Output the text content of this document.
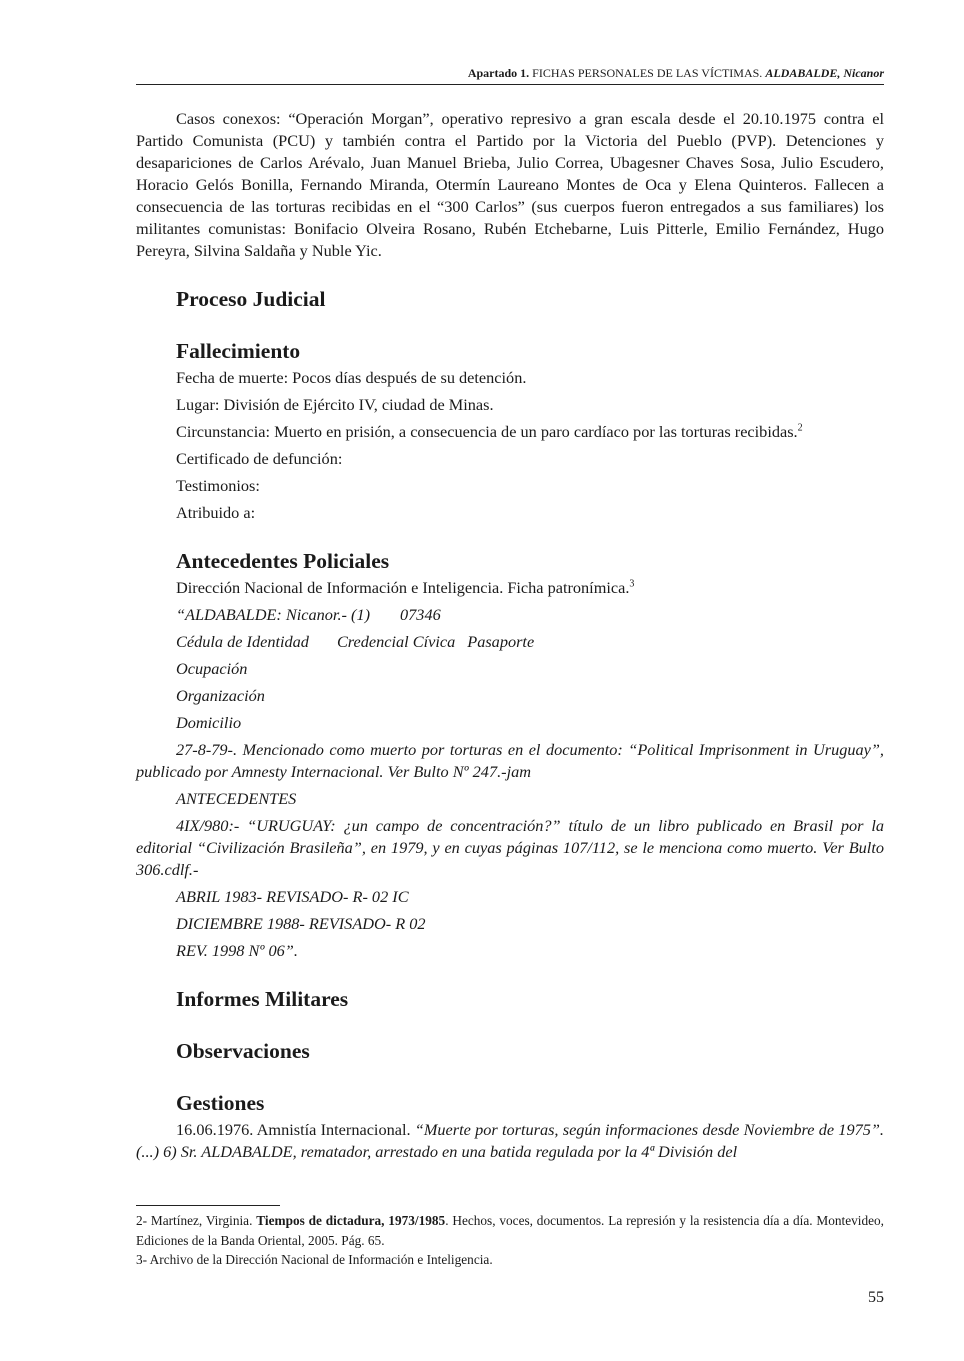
Apartado 1. FICHAS PERSONALES DE LAS VÍCTIMAS. ALDABALDE, Nicanor

Casos conexos: “Operación Morgan”, operativo represivo a gran escala desde el 20.10.1975 contra el Partido Comunista (PCU) y también contra el Partido por la Victoria del Pueblo (PVP). Detenciones y desapariciones de Carlos Arévalo, Juan Manuel Brieba, Julio Correa, Ubagesner Chaves Sosa, Julio Escudero, Horacio Gelós Bonilla, Fernando Miranda, Otermín Laureano Montes de Oca y Elena Quinteros. Fallecen a consecuencia de las torturas recibidas en el “300 Carlos” (sus cuerpos fueron entregados a sus familiares) los militantes comunistas: Bonifacio Olveira Rosano, Rubén Etchebarne, Luis Pitterle, Emilio Fernández, Hugo Pereyra, Silvina Saldaña y Nuble Yic.

Proceso Judicial
Fallecimiento

Fecha de muerte: Pocos días después de su detención.

Lugar: División de Ejército IV, ciudad de Minas.

Circunstancia: Muerto en prisión, a consecuencia de un paro cardíaco por las torturas recibidas.$^2$

Certificado de defunción:

Testimonios:

Atribuido a:

Antecedentes Policiales

Dirección Nacional de Información e Inteligencia. Ficha patronímica.$^3$

“ALDABALDE: Nicanor.- (1) 07346

Cédula de Identidad Credencial Cívica Pasaporte

Ocupación

Organización

Domicilio

27-8-79-. Mencionado como muerto por torturas en el documento: “Political Imprisonment in Uruguay”, publicado por Amnesty Internacional. Ver Bulto Nº 247.-jam

ANTECEDENTES

4IX/980:- “URUGUAY: ¿un campo de concentración?” título de un libro publicado en Brasil por la editorial “Civilización Brasileña”, en 1979, y en cuyas páginas 107/112, se le menciona como muerto. Ver Bulto 306.cdlf.-

ABRIL 1983- REVISADO- R- 02 IC

DICIEMBRE 1988- REVISADO- R 02

REV. 1998 Nº 06”.

Informes Militares
Observaciones
Gestiones

16.06.1976. Amnistía Internacional. “Muerte por torturas, según informaciones desde Noviembre de 1975”. (...) 6) Sr. ALDABALDE, rematador, arrestado en una batida regulada por la 4ª División del

2- Martínez, Virginia. Tiempos de dictadura, 1973/1985. Hechos, voces, documentos. La represión y la resistencia día a día. Montevideo, Ediciones de la Banda Oriental, 2005. Pág. 65.

3- Archivo de la Dirección Nacional de Información e Inteligencia.

55
